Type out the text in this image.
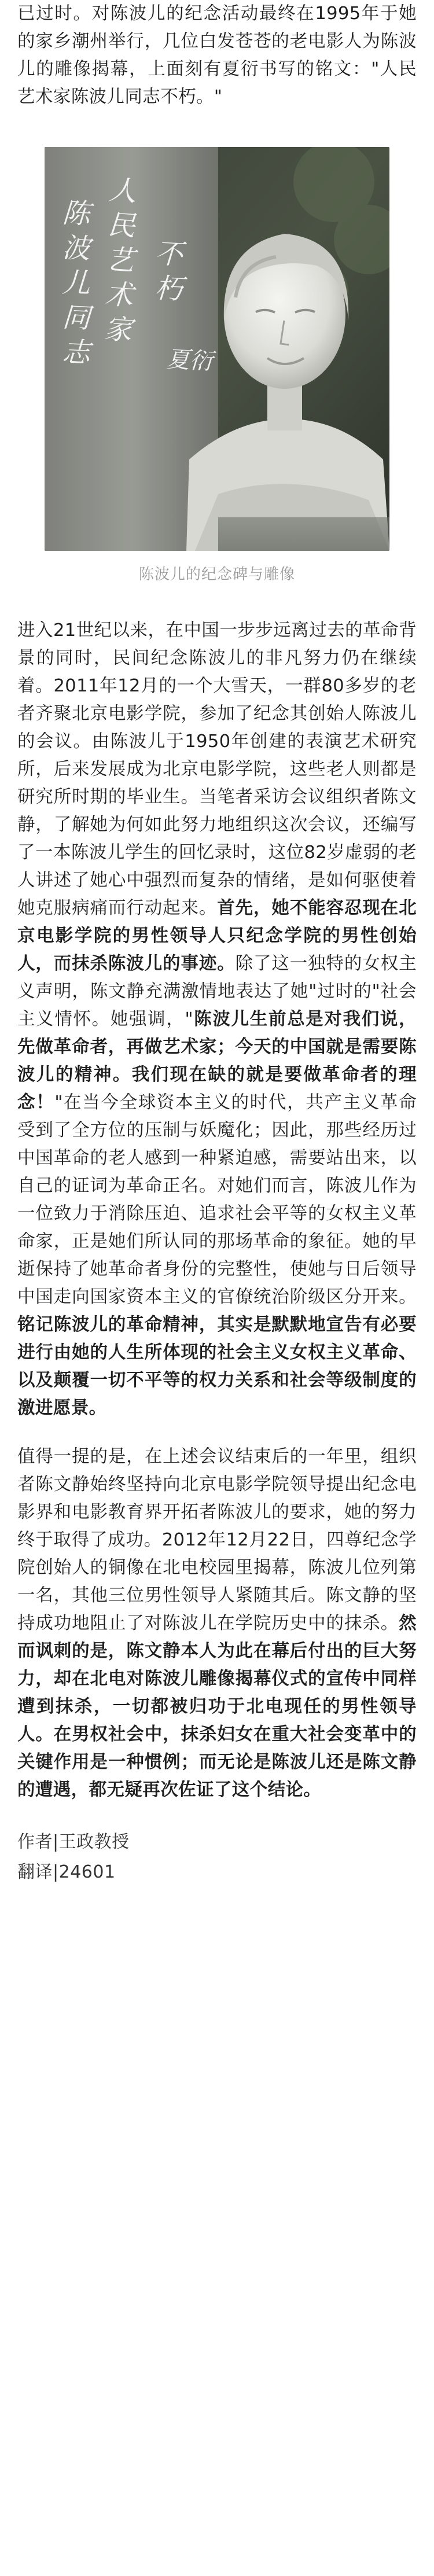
已过时。对陈波儿的纪念活动最终在1995年于她的家乡潮州举行，几位白发苍苍的老电影人为陈波儿的雕像揭幕，上面刻有夏衍书写的铭文："人民艺术家陈波儿同志不朽。"

人
民
艺
术
家
陈
波
儿
同
志
不
朽
夏衍
陈波儿的纪念碑与雕像

进入21世纪以来，在中国一步步远离过去的革命背景的同时，民间纪念陈波儿的非凡努力仍在继续着。2011年12月的一个大雪天，一群80多岁的老者齐聚北京电影学院，参加了纪念其创始人陈波儿的会议。由陈波儿于1950年创建的表演艺术研究所，后来发展成为北京电影学院，这些老人则都是研究所时期的毕业生。当笔者采访会议组织者陈文静，了解她为何如此努力地组织这次会议，还编写了一本陈波儿学生的回忆录时，这位82岁虚弱的老人讲述了她心中强烈而复杂的情绪，是如何驱使着她克服病痛而行动起来。首先，她不能容忍现在北京电影学院的男性领导人只纪念学院的男性创始人，而抹杀陈波儿的事迹。除了这一独特的女权主义声明，陈文静充满激情地表达了她"过时的"社会主义情怀。她强调，"陈波儿生前总是对我们说，先做革命者，再做艺术家；今天的中国就是需要陈波儿的精神。我们现在缺的就是要做革命者的理念！"在当今全球资本主义的时代，共产主义革命受到了全方位的压制与妖魔化；因此，那些经历过中国革命的老人感到一种紧迫感，需要站出来，以自己的证词为革命正名。对她们而言，陈波儿作为一位致力于消除压迫、追求社会平等的女权主义革命家，正是她们所认同的那场革命的象征。她的早逝保持了她革命者身份的完整性，使她与日后领导中国走向国家资本主义的官僚统治阶级区分开来。铭记陈波儿的革命精神，其实是默默地宣告有必要进行由她的人生所体现的社会主义女权主义革命、以及颠覆一切不平等的权力关系和社会等级制度的激进愿景。

值得一提的是，在上述会议结束后的一年里，组织者陈文静始终坚持向北京电影学院领导提出纪念电影界和电影教育界开拓者陈波儿的要求，她的努力终于取得了成功。2012年12月22日，四尊纪念学院创始人的铜像在北电校园里揭幕，陈波儿位列第一名，其他三位男性领导人紧随其后。陈文静的坚持成功地阻止了对陈波儿在学院历史中的抹杀。然而讽刺的是，陈文静本人为此在幕后付出的巨大努力，却在北电对陈波儿雕像揭幕仪式的宣传中同样遭到抹杀，一切都被归功于北电现任的男性领导人。在男权社会中，抹杀妇女在重大社会变革中的关键作用是一种惯例；而无论是陈波儿还是陈文静的遭遇，都无疑再次佐证了这个结论。

作者|王政教授
翻译|24601
